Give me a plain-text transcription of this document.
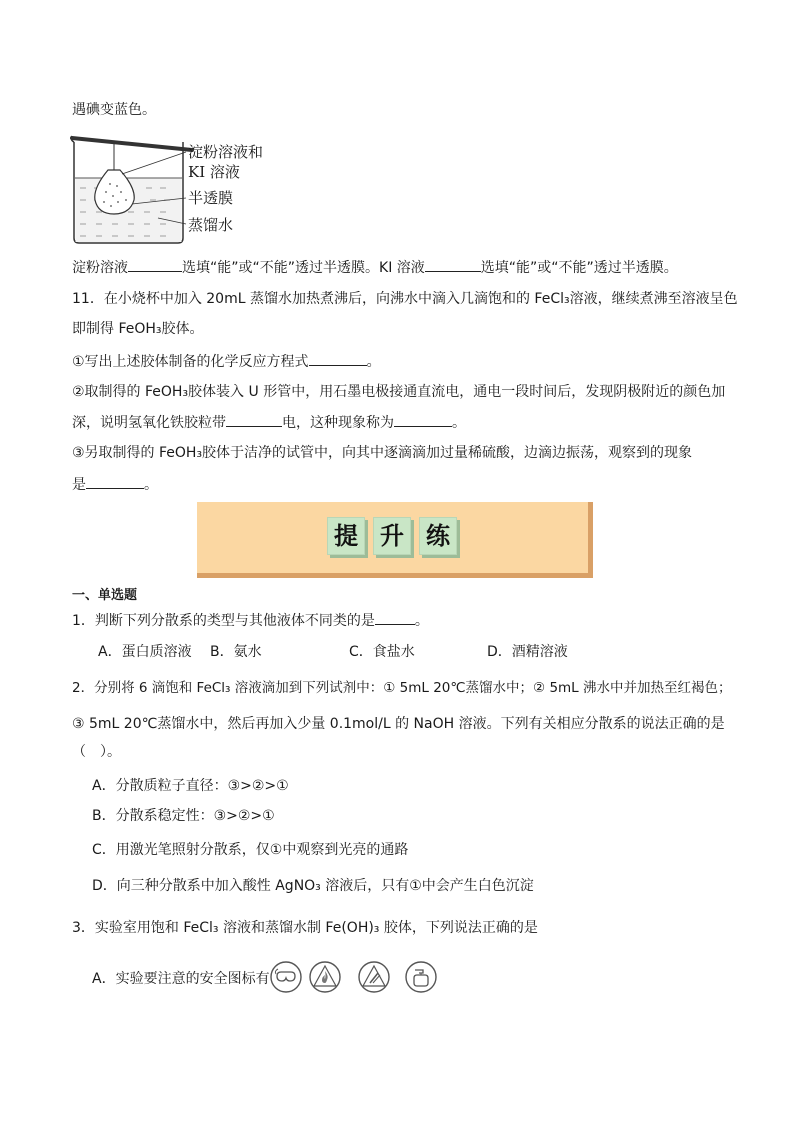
遇碘变蓝色。
淀粉溶液和
KI 溶液
半透膜
蒸馏水
淀粉溶液	选填“能”或“不能”透过半透膜。KI 溶液	选填“能”或“不能”透过半透膜。
11．在小烧杯中加入 20mL 蒸馏水加热煮沸后，向沸水中滴入几滴饱和的 FeCl₃溶液，继续煮沸至溶液呈色
即制得 FeOH₃胶体。
①写出上述胶体制备的化学反应方程式	。
②取制得的 FeOH₃胶体装入 U 形管中，用石墨电极接通直流电，通电一段时间后，发现阴极附近的颜色加
深，说明氢氧化铁胶粒带	电，这种现象称为	。
③另取制得的 FeOH₃胶体于洁净的试管中，向其中逐滴滴加过量稀硫酸，边滴边振荡，观察到的现象
是	。
提 升 练
一、单选题
1．判断下列分散系的类型与其他液体不同类的是	。
A．蛋白质溶液 B．氨水	C．食盐水	D．酒精溶液
2．分别将 6 滴饱和 FeCl₃ 溶液滴加到下列试剂中：① 5mL 20℃蒸馏水中；② 5mL 沸水中并加热至红褐色；
③ 5mL 20℃蒸馏水中，然后再加入少量 0.1mol/L 的 NaOH 溶液。下列有关相应分散系的说法正确的是
（　）。
A．分散质粒子直径：③>②>①
B．分散系稳定性：③>②>①
C．用激光笔照射分散系，仅①中观察到光亮的通路
D．向三种分散系中加入酸性 AgNO₃ 溶液后，只有①中会产生白色沉淀
3．实验室用饱和 FeCl₃ 溶液和蒸馏水制 Fe(OH)₃ 胶体，下列说法正确的是
A．实验要注意的安全图标有
